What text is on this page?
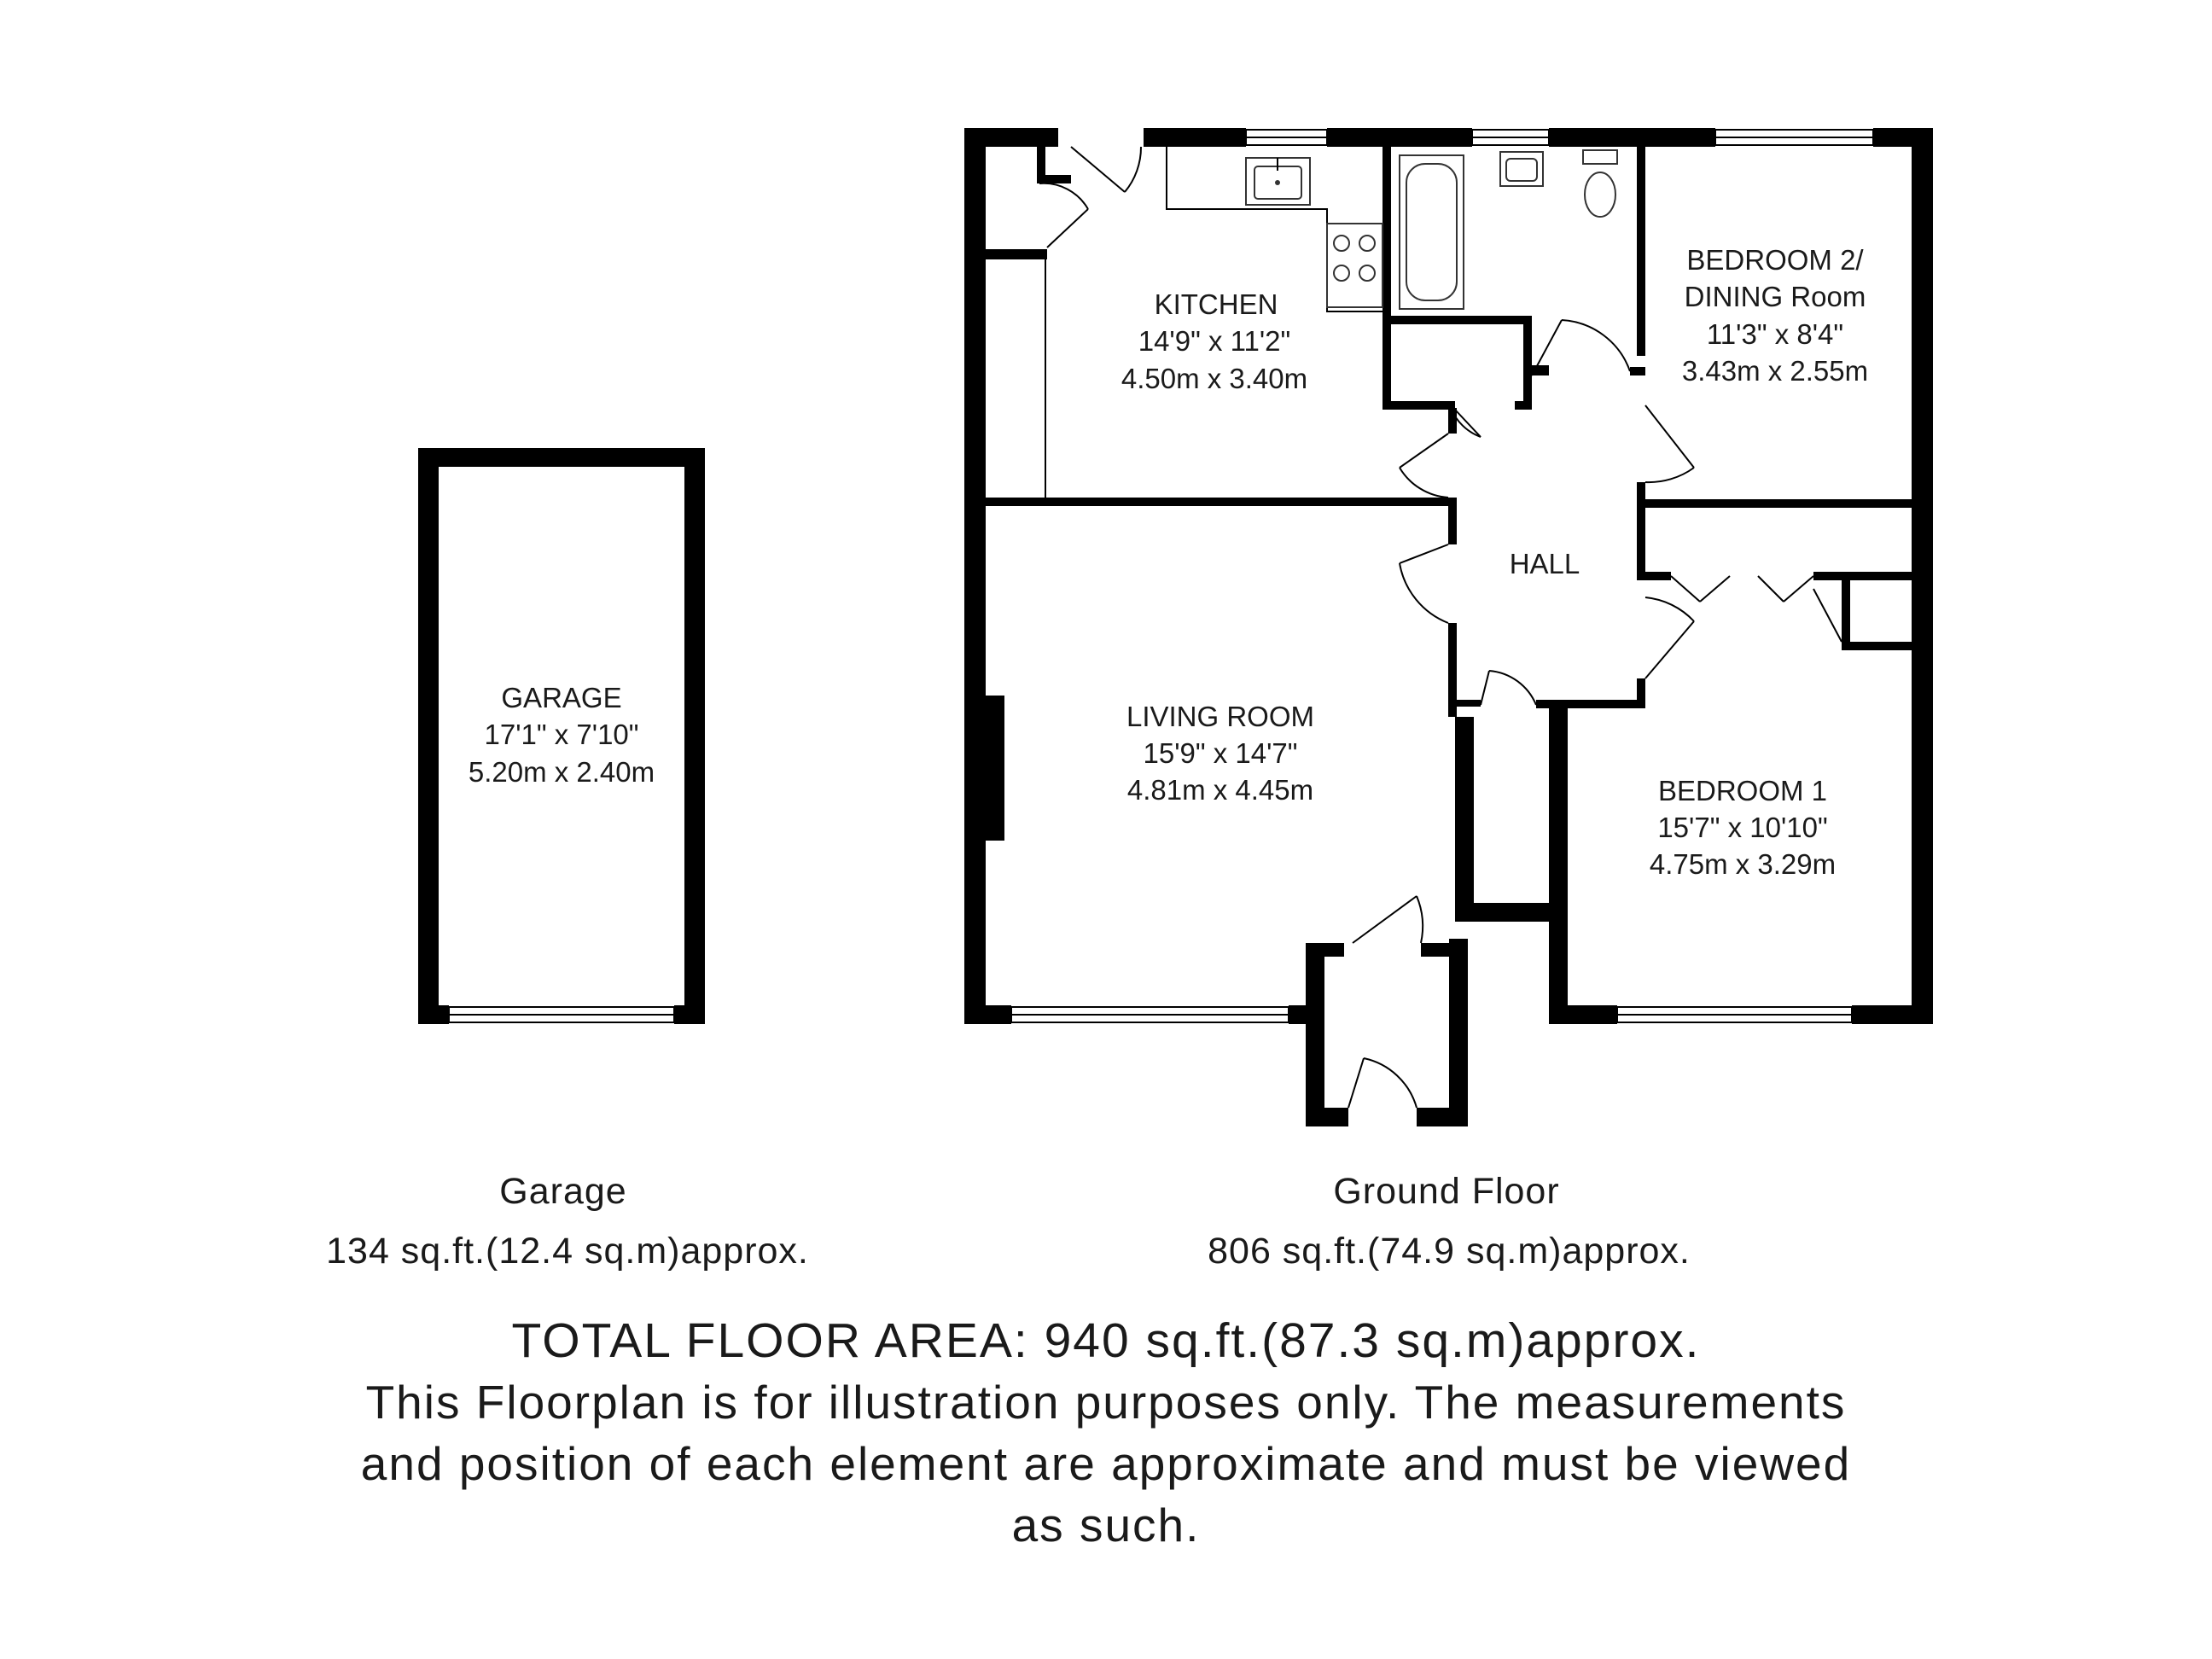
KITCHEN
14'9" x 11'2"
4.50m x 3.40m
BEDROOM 2/
DINING Room
11'3" x 8'4"
3.43m x 2.55m
HALL
LIVING ROOM
15'9" x 14'7"
4.81m x 4.45m	BEDROOM 1
15'7" x 10'10"
4.75m x 3.29m
GARAGE
17'1" x 7'10"
5.20m x 2.40m
Garage
134 sq.ft.(12.4 sq.m)approx.
Ground Floor
806 sq.ft.(74.9 sq.m)approx.
TOTAL FLOOR AREA: 940 sq.ft.(87.3 sq.m)approx.
This Floorplan is for illustration purposes only. The measurements and position of each element are approximate and must be viewed as such.
